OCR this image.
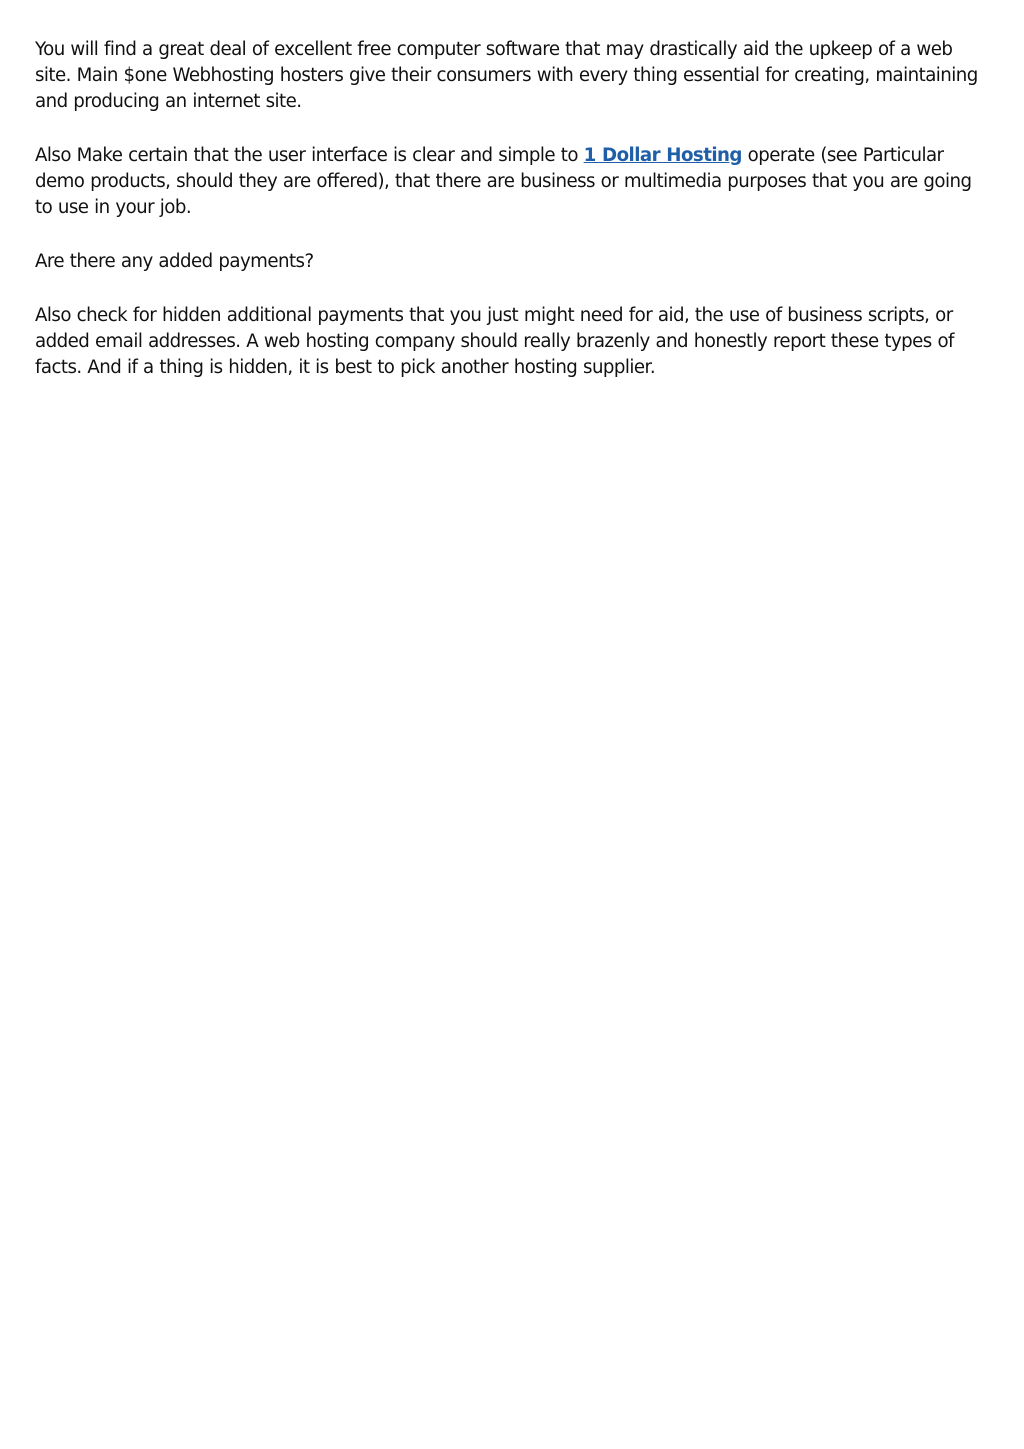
You will find a great deal of excellent free computer software that may drastically aid the upkeep of a web site. Main $one Webhosting hosters give their consumers with every thing essential for creating, maintaining and producing an internet site.

Also Make certain that the user interface is clear and simple to 1 Dollar Hosting operate (see Particular demo products, should they are offered), that there are business or multimedia purposes that you are going to use in your job.

Are there any added payments?

Also check for hidden additional payments that you just might need for aid, the use of business scripts, or added email addresses. A web hosting company should really brazenly and honestly report these types of facts. And if a thing is hidden, it is best to pick another hosting supplier.
